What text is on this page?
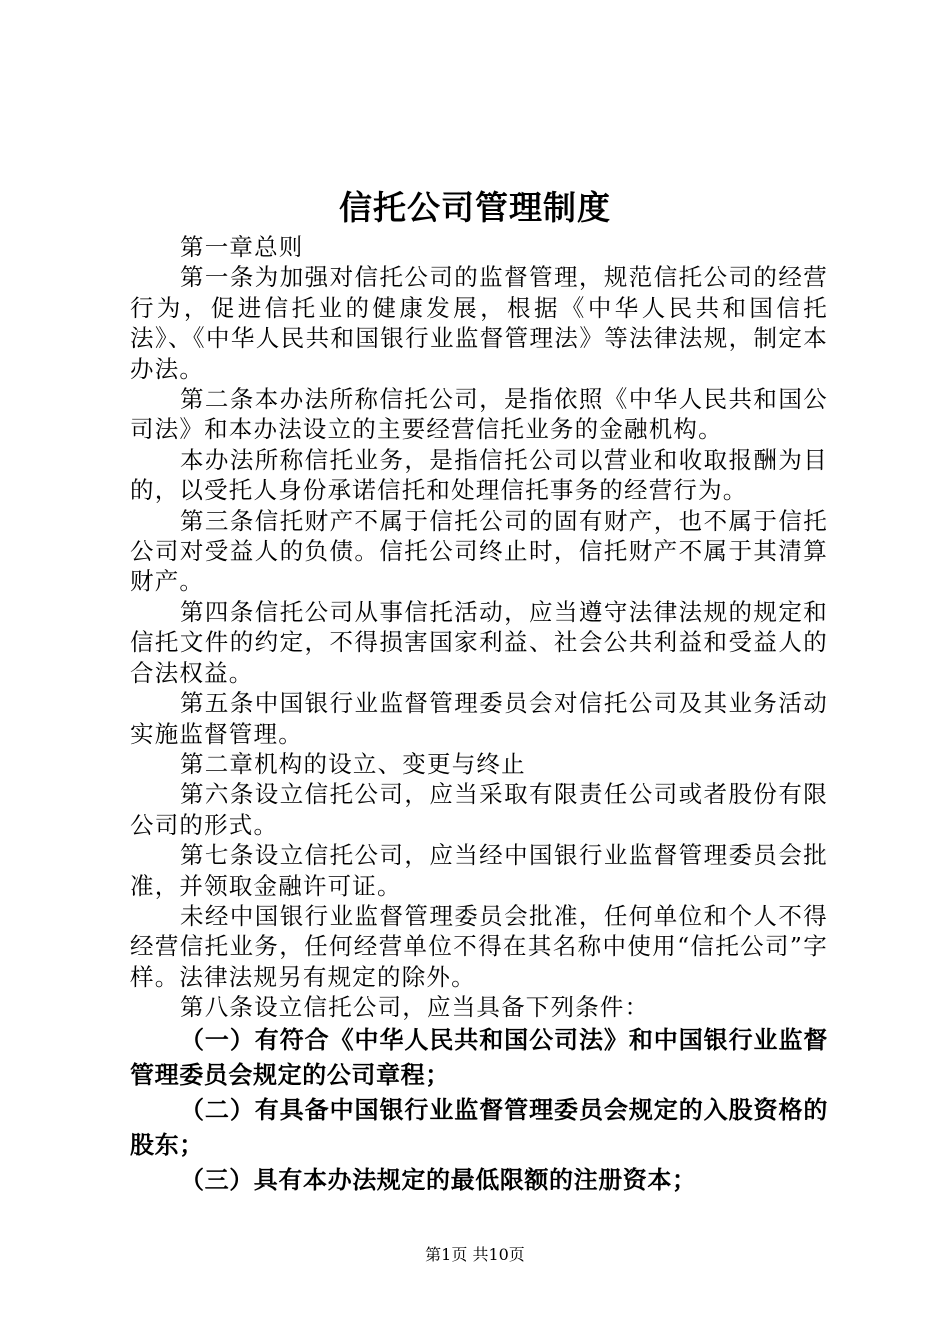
信托公司管理制度

第一章总则

第一条为加强对信托公司的监督管理，规范信托公司的经营行为，促进信托业的健康发展，根据《中华人民共和国信托法》、《中华人民共和国银行业监督管理法》等法律法规，制定本办法。

第二条本办法所称信托公司，是指依照《中华人民共和国公司法》和本办法设立的主要经营信托业务的金融机构。

本办法所称信托业务，是指信托公司以营业和收取报酬为目的，以受托人身份承诺信托和处理信托事务的经营行为。

第三条信托财产不属于信托公司的固有财产，也不属于信托公司对受益人的负债。信托公司终止时，信托财产不属于其清算财产。

第四条信托公司从事信托活动，应当遵守法律法规的规定和信托文件的约定，不得损害国家利益、社会公共利益和受益人的合法权益。

第五条中国银行业监督管理委员会对信托公司及其业务活动实施监督管理。

第二章机构的设立、变更与终止

第六条设立信托公司，应当采取有限责任公司或者股份有限公司的形式。

第七条设立信托公司，应当经中国银行业监督管理委员会批准，并领取金融许可证。

未经中国银行业监督管理委员会批准，任何单位和个人不得经营信托业务，任何经营单位不得在其名称中使用“信托公司”字样。法律法规另有规定的除外。

第八条设立信托公司，应当具备下列条件：

（一）有符合《中华人民共和国公司法》和中国银行业监督管理委员会规定的公司章程；

（二）有具备中国银行业监督管理委员会规定的入股资格的股东；

（三）具有本办法规定的最低限额的注册资本；

第1页 共10页
